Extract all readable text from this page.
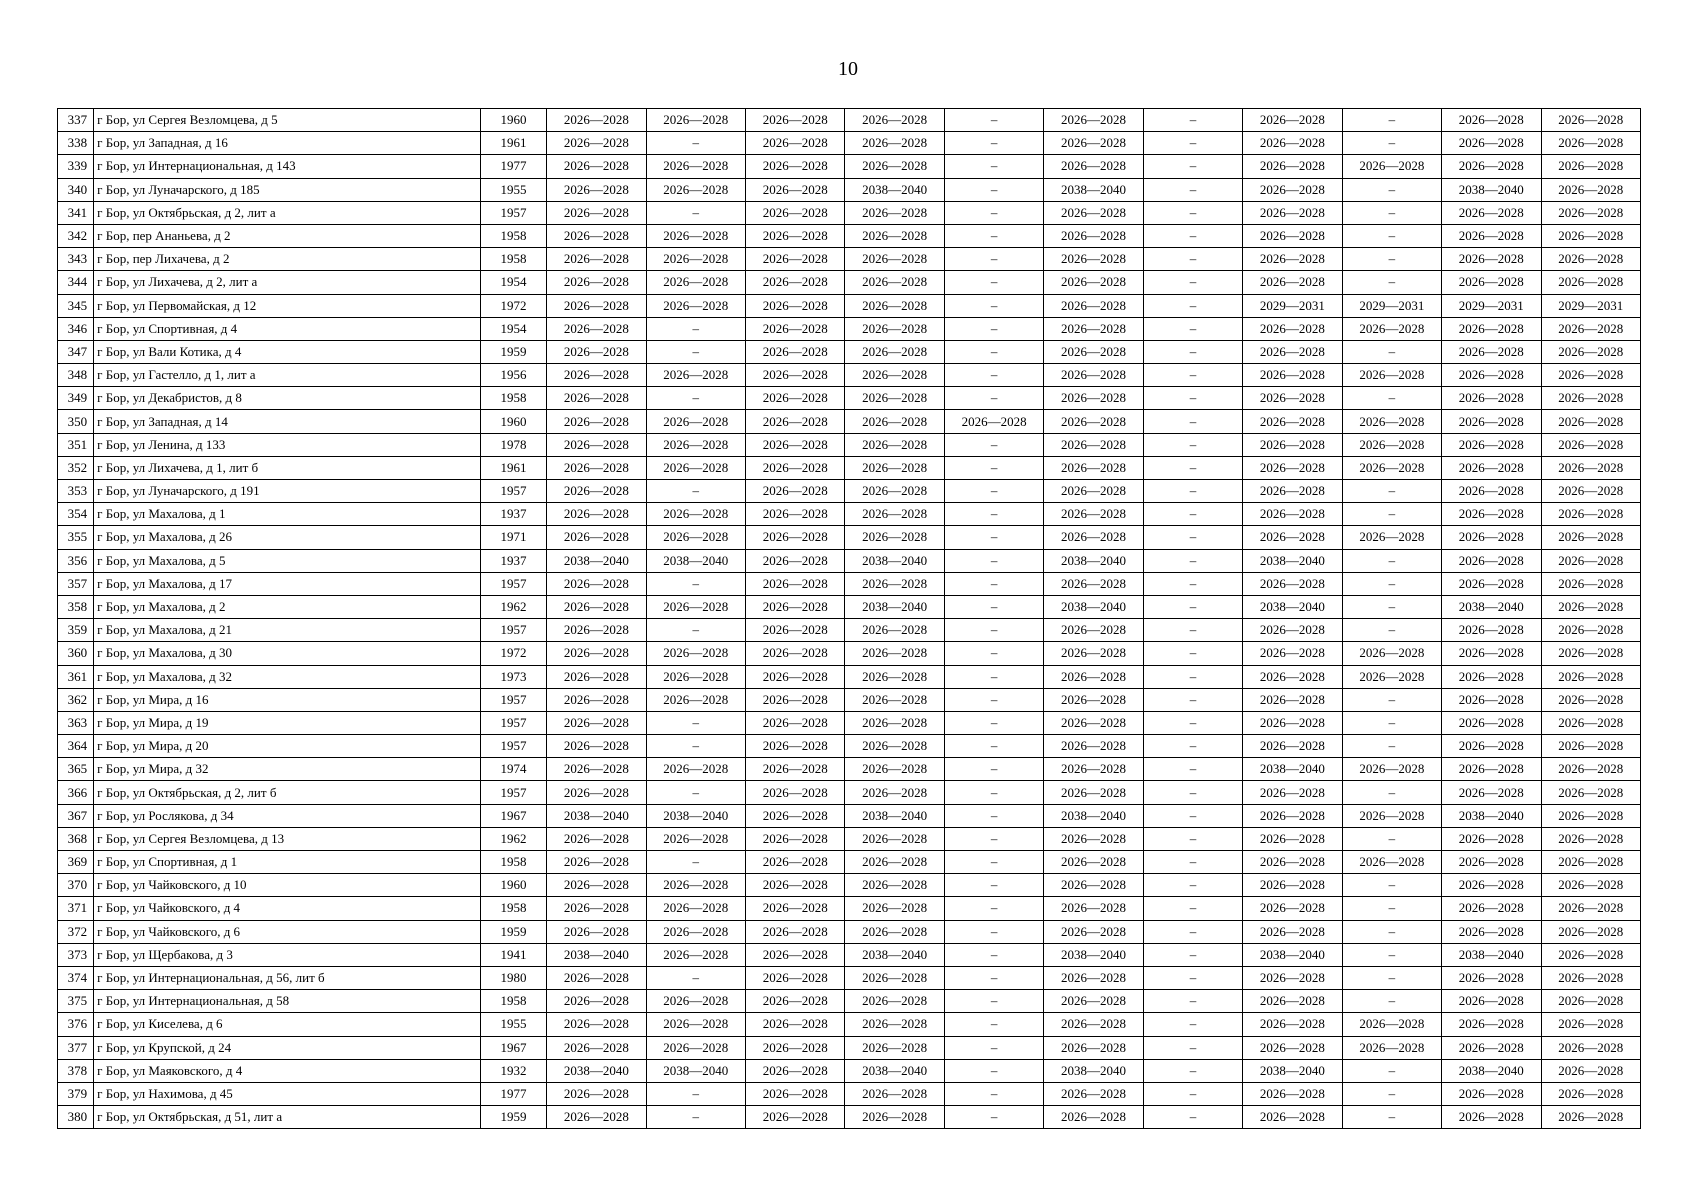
10
337	г Бор, ул Сергея Везломцева, д 5	1960	2026—2028	2026—2028	2026—2028	2026—2028	–	2026—2028	–	2026—2028	–	2026—2028	2026—2028
338	г Бор, ул Западная, д 16	1961	2026—2028	–	2026—2028	2026—2028	–	2026—2028	–	2026—2028	–	2026—2028	2026—2028
339	г Бор, ул Интернациональная, д 143	1977	2026—2028	2026—2028	2026—2028	2026—2028	–	2026—2028	–	2026—2028	2026—2028	2026—2028	2026—2028
340	г Бор, ул Луначарского, д 185	1955	2026—2028	2026—2028	2026—2028	2038—2040	–	2038—2040	–	2026—2028	–	2038—2040	2026—2028
341	г Бор, ул Октябрьская, д 2, лит а	1957	2026—2028	–	2026—2028	2026—2028	–	2026—2028	–	2026—2028	–	2026—2028	2026—2028
342	г Бор, пер Ананьева, д 2	1958	2026—2028	2026—2028	2026—2028	2026—2028	–	2026—2028	–	2026—2028	–	2026—2028	2026—2028
343	г Бор, пер Лихачева, д 2	1958	2026—2028	2026—2028	2026—2028	2026—2028	–	2026—2028	–	2026—2028	–	2026—2028	2026—2028
344	г Бор, ул Лихачева, д 2, лит а	1954	2026—2028	2026—2028	2026—2028	2026—2028	–	2026—2028	–	2026—2028	–	2026—2028	2026—2028
345	г Бор, ул Первомайская, д 12	1972	2026—2028	2026—2028	2026—2028	2026—2028	–	2026—2028	–	2029—2031	2029—2031	2029—2031	2029—2031
346	г Бор, ул Спортивная, д 4	1954	2026—2028	–	2026—2028	2026—2028	–	2026—2028	–	2026—2028	2026—2028	2026—2028	2026—2028
347	г Бор, ул Вали Котика, д 4	1959	2026—2028	–	2026—2028	2026—2028	–	2026—2028	–	2026—2028	–	2026—2028	2026—2028
348	г Бор, ул Гастелло, д 1, лит а	1956	2026—2028	2026—2028	2026—2028	2026—2028	–	2026—2028	–	2026—2028	2026—2028	2026—2028	2026—2028
349	г Бор, ул Декабристов, д 8	1958	2026—2028	–	2026—2028	2026—2028	–	2026—2028	–	2026—2028	–	2026—2028	2026—2028
350	г Бор, ул Западная, д 14	1960	2026—2028	2026—2028	2026—2028	2026—2028	2026—2028	2026—2028	–	2026—2028	2026—2028	2026—2028	2026—2028
351	г Бор, ул Ленина, д 133	1978	2026—2028	2026—2028	2026—2028	2026—2028	–	2026—2028	–	2026—2028	2026—2028	2026—2028	2026—2028
352	г Бор, ул Лихачева, д 1, лит б	1961	2026—2028	2026—2028	2026—2028	2026—2028	–	2026—2028	–	2026—2028	2026—2028	2026—2028	2026—2028
353	г Бор, ул Луначарского, д 191	1957	2026—2028	–	2026—2028	2026—2028	–	2026—2028	–	2026—2028	–	2026—2028	2026—2028
354	г Бор, ул Махалова, д 1	1937	2026—2028	2026—2028	2026—2028	2026—2028	–	2026—2028	–	2026—2028	–	2026—2028	2026—2028
355	г Бор, ул Махалова, д 26	1971	2026—2028	2026—2028	2026—2028	2026—2028	–	2026—2028	–	2026—2028	2026—2028	2026—2028	2026—2028
356	г Бор, ул Махалова, д 5	1937	2038—2040	2038—2040	2026—2028	2038—2040	–	2038—2040	–	2038—2040	–	2026—2028	2026—2028
357	г Бор, ул Махалова, д 17	1957	2026—2028	–	2026—2028	2026—2028	–	2026—2028	–	2026—2028	–	2026—2028	2026—2028
358	г Бор, ул Махалова, д 2	1962	2026—2028	2026—2028	2026—2028	2038—2040	–	2038—2040	–	2038—2040	–	2038—2040	2026—2028
359	г Бор, ул Махалова, д 21	1957	2026—2028	–	2026—2028	2026—2028	–	2026—2028	–	2026—2028	–	2026—2028	2026—2028
360	г Бор, ул Махалова, д 30	1972	2026—2028	2026—2028	2026—2028	2026—2028	–	2026—2028	–	2026—2028	2026—2028	2026—2028	2026—2028
361	г Бор, ул Махалова, д 32	1973	2026—2028	2026—2028	2026—2028	2026—2028	–	2026—2028	–	2026—2028	2026—2028	2026—2028	2026—2028
362	г Бор, ул Мира, д 16	1957	2026—2028	2026—2028	2026—2028	2026—2028	–	2026—2028	–	2026—2028	–	2026—2028	2026—2028
363	г Бор, ул Мира, д 19	1957	2026—2028	–	2026—2028	2026—2028	–	2026—2028	–	2026—2028	–	2026—2028	2026—2028
364	г Бор, ул Мира, д 20	1957	2026—2028	–	2026—2028	2026—2028	–	2026—2028	–	2026—2028	–	2026—2028	2026—2028
365	г Бор, ул Мира, д 32	1974	2026—2028	2026—2028	2026—2028	2026—2028	–	2026—2028	–	2038—2040	2026—2028	2026—2028	2026—2028
366	г Бор, ул Октябрьская, д 2, лит б	1957	2026—2028	–	2026—2028	2026—2028	–	2026—2028	–	2026—2028	–	2026—2028	2026—2028
367	г Бор, ул Рослякова, д 34	1967	2038—2040	2038—2040	2026—2028	2038—2040	–	2038—2040	–	2026—2028	2026—2028	2038—2040	2026—2028
368	г Бор, ул Сергея Везломцева, д 13	1962	2026—2028	2026—2028	2026—2028	2026—2028	–	2026—2028	–	2026—2028	–	2026—2028	2026—2028
369	г Бор, ул Спортивная, д 1	1958	2026—2028	–	2026—2028	2026—2028	–	2026—2028	–	2026—2028	2026—2028	2026—2028	2026—2028
370	г Бор, ул Чайковского, д 10	1960	2026—2028	2026—2028	2026—2028	2026—2028	–	2026—2028	–	2026—2028	–	2026—2028	2026—2028
371	г Бор, ул Чайковского, д 4	1958	2026—2028	2026—2028	2026—2028	2026—2028	–	2026—2028	–	2026—2028	–	2026—2028	2026—2028
372	г Бор, ул Чайковского, д 6	1959	2026—2028	2026—2028	2026—2028	2026—2028	–	2026—2028	–	2026—2028	–	2026—2028	2026—2028
373	г Бор, ул Щербакова, д 3	1941	2038—2040	2026—2028	2026—2028	2038—2040	–	2038—2040	–	2038—2040	–	2038—2040	2026—2028
374	г Бор, ул Интернациональная, д 56, лит б	1980	2026—2028	–	2026—2028	2026—2028	–	2026—2028	–	2026—2028	–	2026—2028	2026—2028
375	г Бор, ул Интернациональная, д 58	1958	2026—2028	2026—2028	2026—2028	2026—2028	–	2026—2028	–	2026—2028	–	2026—2028	2026—2028
376	г Бор, ул Киселева, д 6	1955	2026—2028	2026—2028	2026—2028	2026—2028	–	2026—2028	–	2026—2028	2026—2028	2026—2028	2026—2028
377	г Бор, ул Крупской, д 24	1967	2026—2028	2026—2028	2026—2028	2026—2028	–	2026—2028	–	2026—2028	2026—2028	2026—2028	2026—2028
378	г Бор, ул Маяковского, д 4	1932	2038—2040	2038—2040	2026—2028	2038—2040	–	2038—2040	–	2038—2040	–	2038—2040	2026—2028
379	г Бор, ул Нахимова, д 45	1977	2026—2028	–	2026—2028	2026—2028	–	2026—2028	–	2026—2028	–	2026—2028	2026—2028
380	г Бор, ул Октябрьская, д 51, лит а	1959	2026—2028	–	2026—2028	2026—2028	–	2026—2028	–	2026—2028	–	2026—2028	2026—2028
